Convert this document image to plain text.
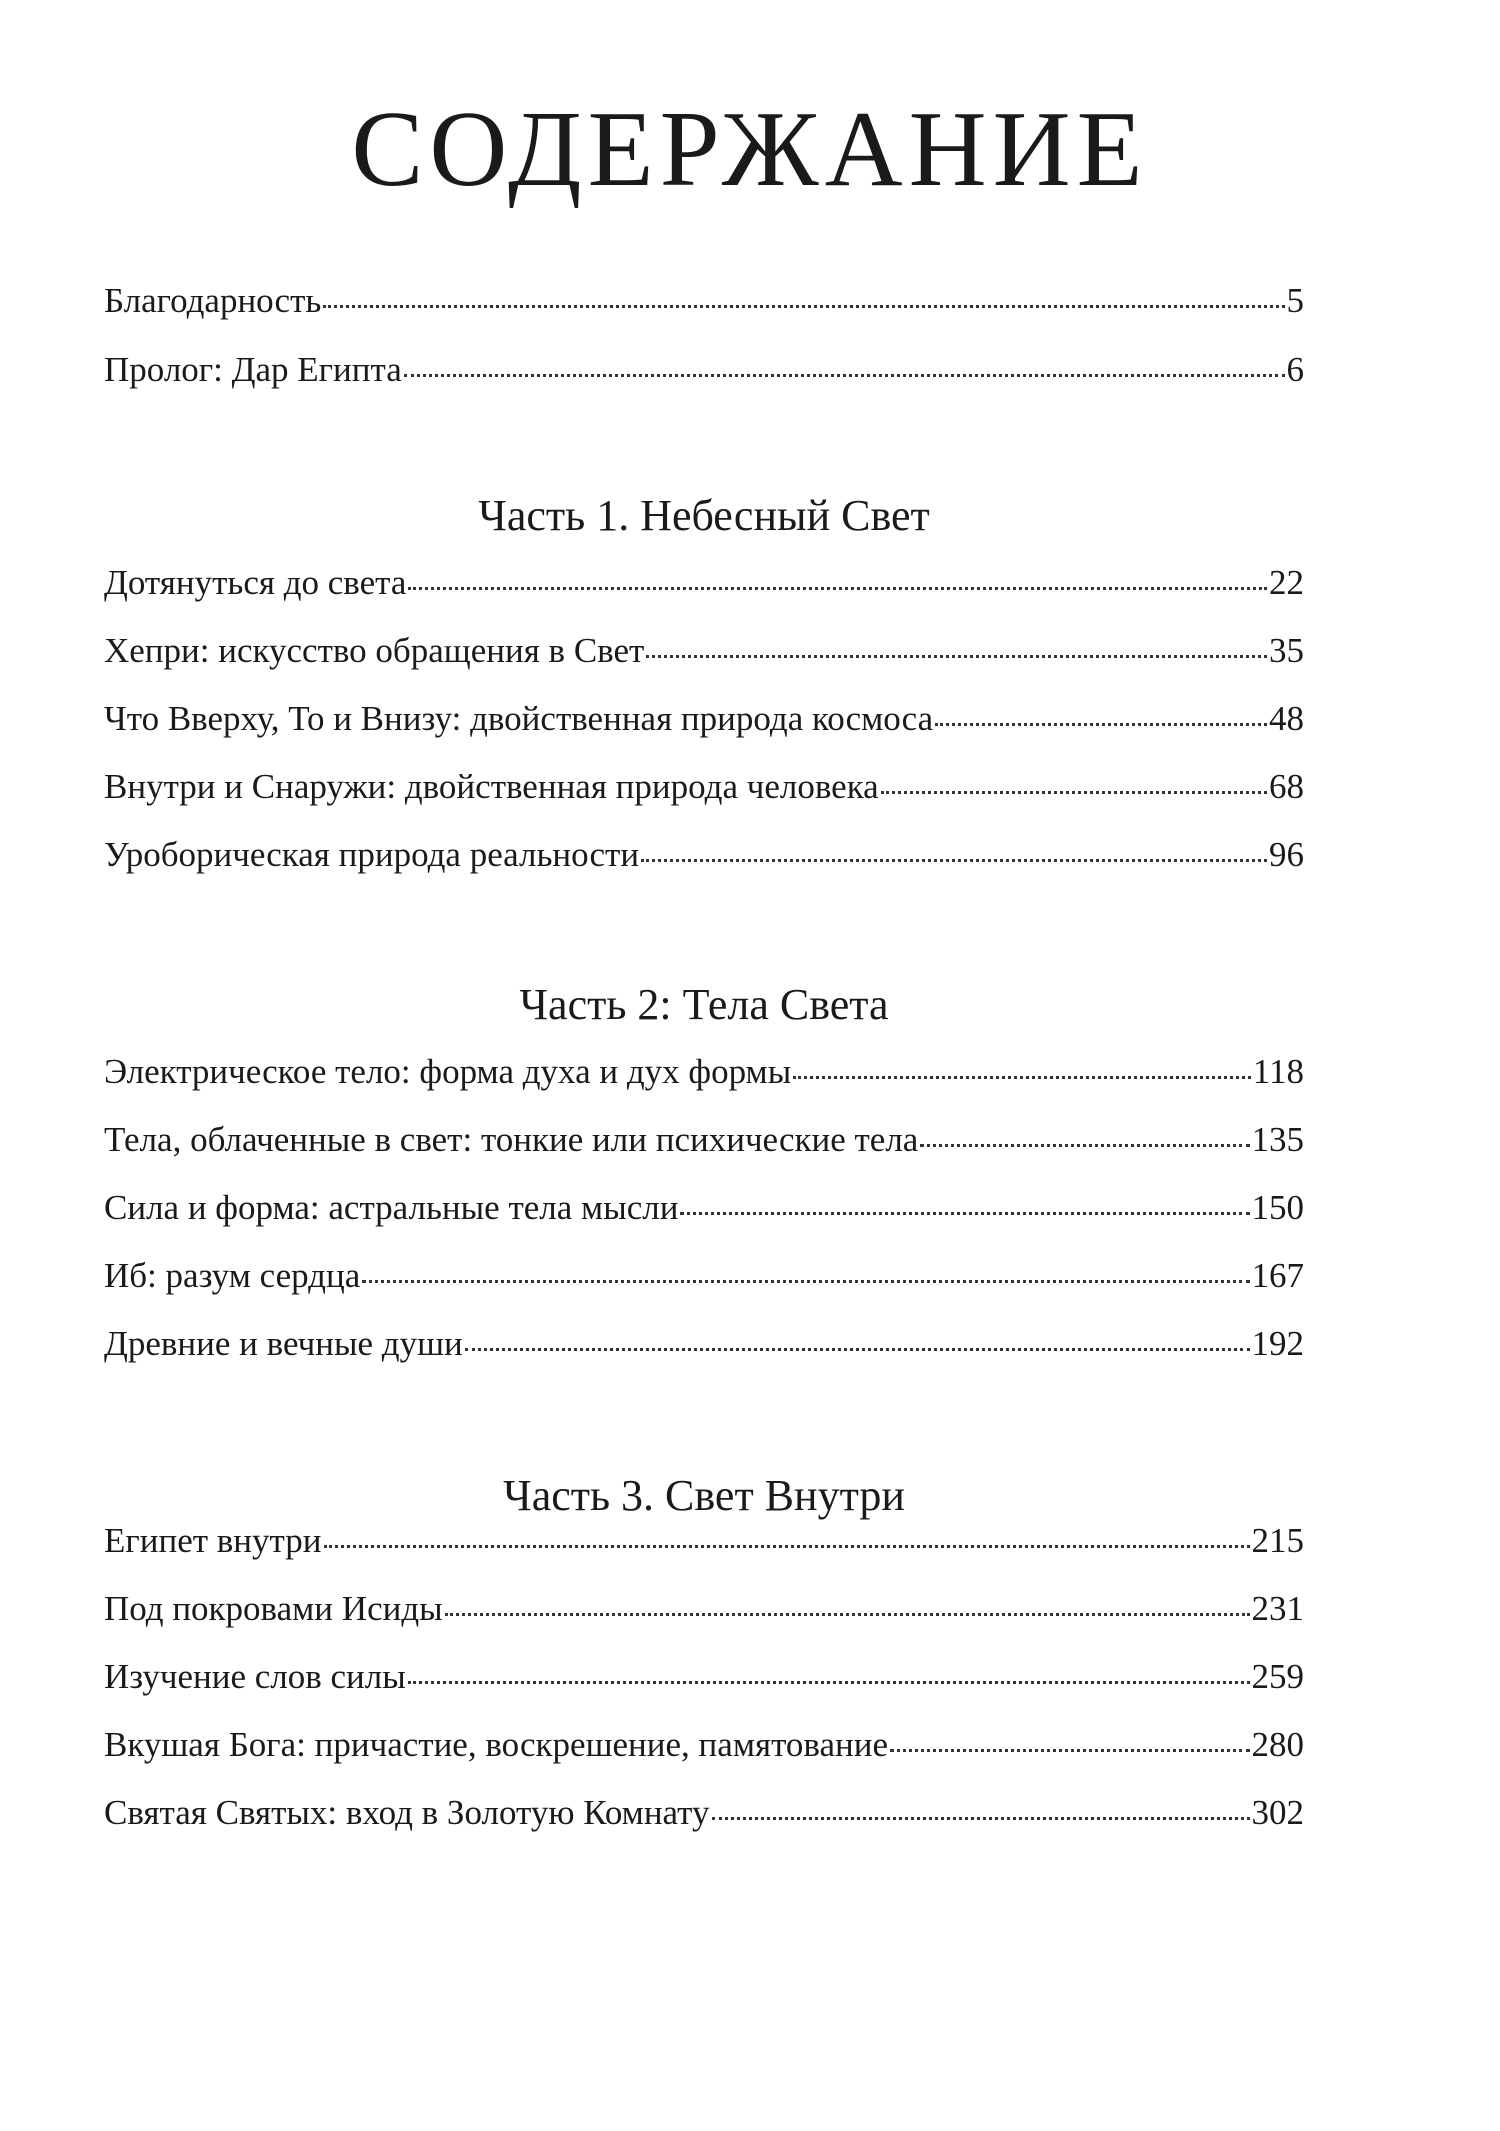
СОДЕРЖАНИЕ
Благодарность	5
Пролог: Дар Египта	6
Часть 1. Небесный Свет
Дотянуться до света	22
Хепри: искусство обращения в Свет	35
Что Вверху, То и Внизу: двойственная природа космоса	48
Внутри и Снаружи: двойственная природа человека	68
Уроборическая природа реальности	96
Часть 2: Тела Света
Электрическое тело: форма духа и дух формы	118
Тела, облаченные в свет: тонкие или психические тела	135
Сила и форма: астральные тела мысли	150
Иб: разум сердца	167
Древние и вечные души	192
Часть 3. Свет Внутри
Египет внутри	215
Под покровами Исиды	231
Изучение слов силы	259
Вкушая Бога: причастие, воскрешение, памятование	280
Святая Святых: вход в Золотую Комнату	302
